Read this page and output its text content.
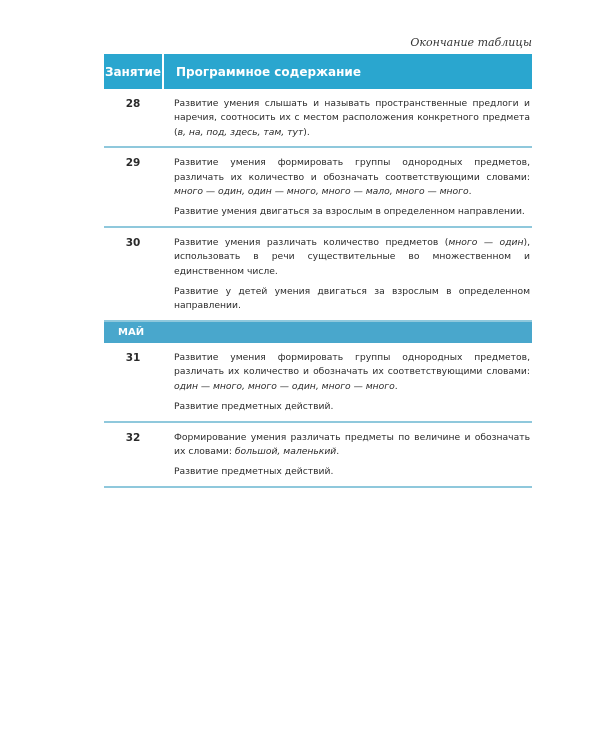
Окончание таблицы
Занятие	Программное содержание
28	Развитие умения слышать и называть пространственные предлоги и наречия, соотносить их с местом расположения конкретного предмета (в, на, под, здесь, там, тут).

29	Развитие умения формировать группы однородных предметов, различать их количество и обозначать соответствующими словами: много — один, один — много, много — мало, много — много.

Развитие умения двигаться за взрослым в определенном направлении.

30	Развитие умения различать количество предметов (много — один), использовать в речи существительные во множественном и единственном числе.

Развитие у детей умения двигаться за взрослым в определенном направлении.

МАЙ
31	Развитие умения формировать группы однородных предметов, различать их количество и обозначать их соответствующими словами: один — много, много — один, много — много.

Развитие предметных действий.

32	Формирование умения различать предметы по величине и обозначать их словами: большой, маленький.

Развитие предметных действий.
